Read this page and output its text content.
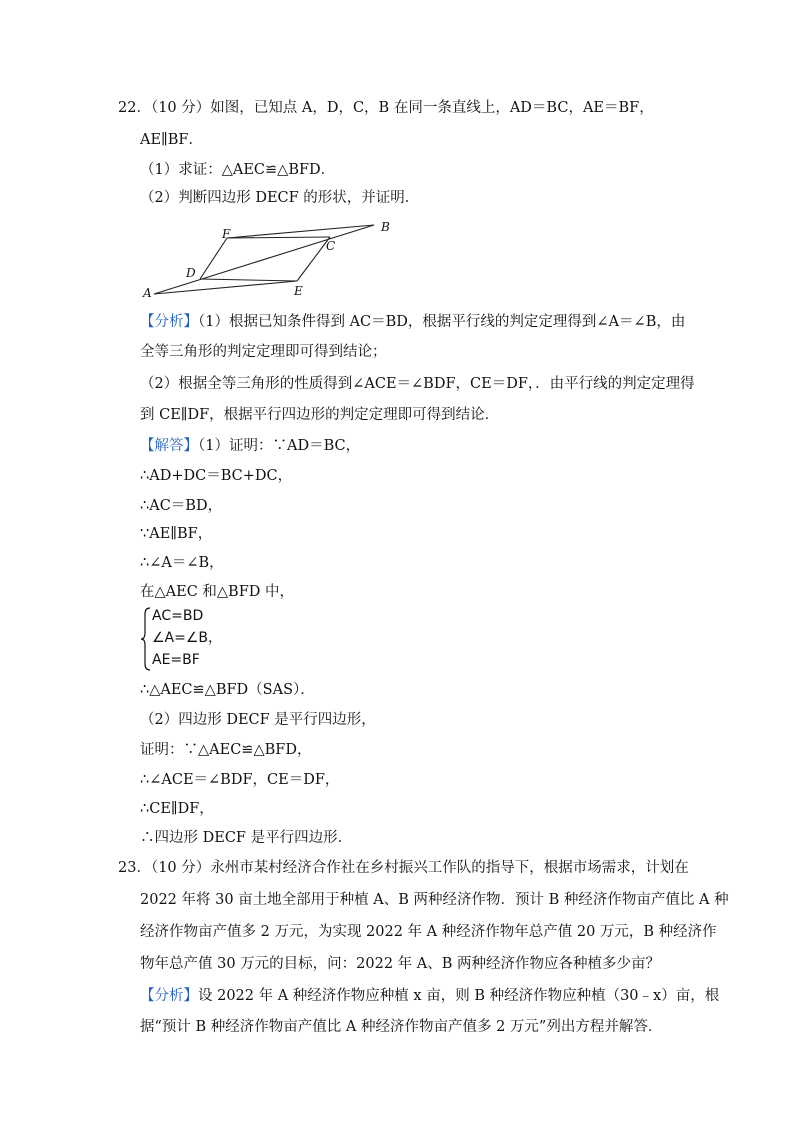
22．（10 分）如图，已知点 A，D，C，B 在同一条直线上，AD＝BC，AE＝BF，
AE∥BF．
（1）求证：△AEC≌△BFD．
（2）判断四边形 DECF 的形状，并证明．
A
B
C
D
E
F
【分析】（1）根据已知条件得到 AC＝BD，根据平行线的判定定理得到∠A＝∠B，由
全等三角形的判定定理即可得到结论；
（2）根据全等三角形的性质得到∠ACE＝∠BDF，CE＝DF，．由平行线的判定定理得
到 CE∥DF，根据平行四边形的判定定理即可得到结论．
【解答】（1）证明：∵AD＝BC，
∴AD+DC＝BC+DC，
∴AC＝BD，
∵AE∥BF，
∴∠A＝∠B，
在△AEC 和△BFD 中，
AC=BD
∠A=∠B，
AE=BF
∴△AEC≌△BFD（SAS）．
（2）四边形 DECF 是平行四边形，
证明：∵△AEC≌△BFD，
∴∠ACE＝∠BDF，CE＝DF，
∴CE∥DF，
∴四边形 DECF 是平行四边形．
23．（10 分）永州市某村经济合作社在乡村振兴工作队的指导下，根据市场需求，计划在
2022 年将 30 亩土地全部用于种植 A、B 两种经济作物．预计 B 种经济作物亩产值比 A 种
经济作物亩产值多 2 万元，为实现 2022 年 A 种经济作物年总产值 20 万元，B 种经济作
物年总产值 30 万元的目标，问：2022 年 A、B 两种经济作物应各种植多少亩？
【分析】设 2022 年 A 种经济作物应种植 x 亩，则 B 种经济作物应种植（30﹣x）亩，根
据“预计 B 种经济作物亩产值比 A 种经济作物亩产值多 2 万元”列出方程并解答．
